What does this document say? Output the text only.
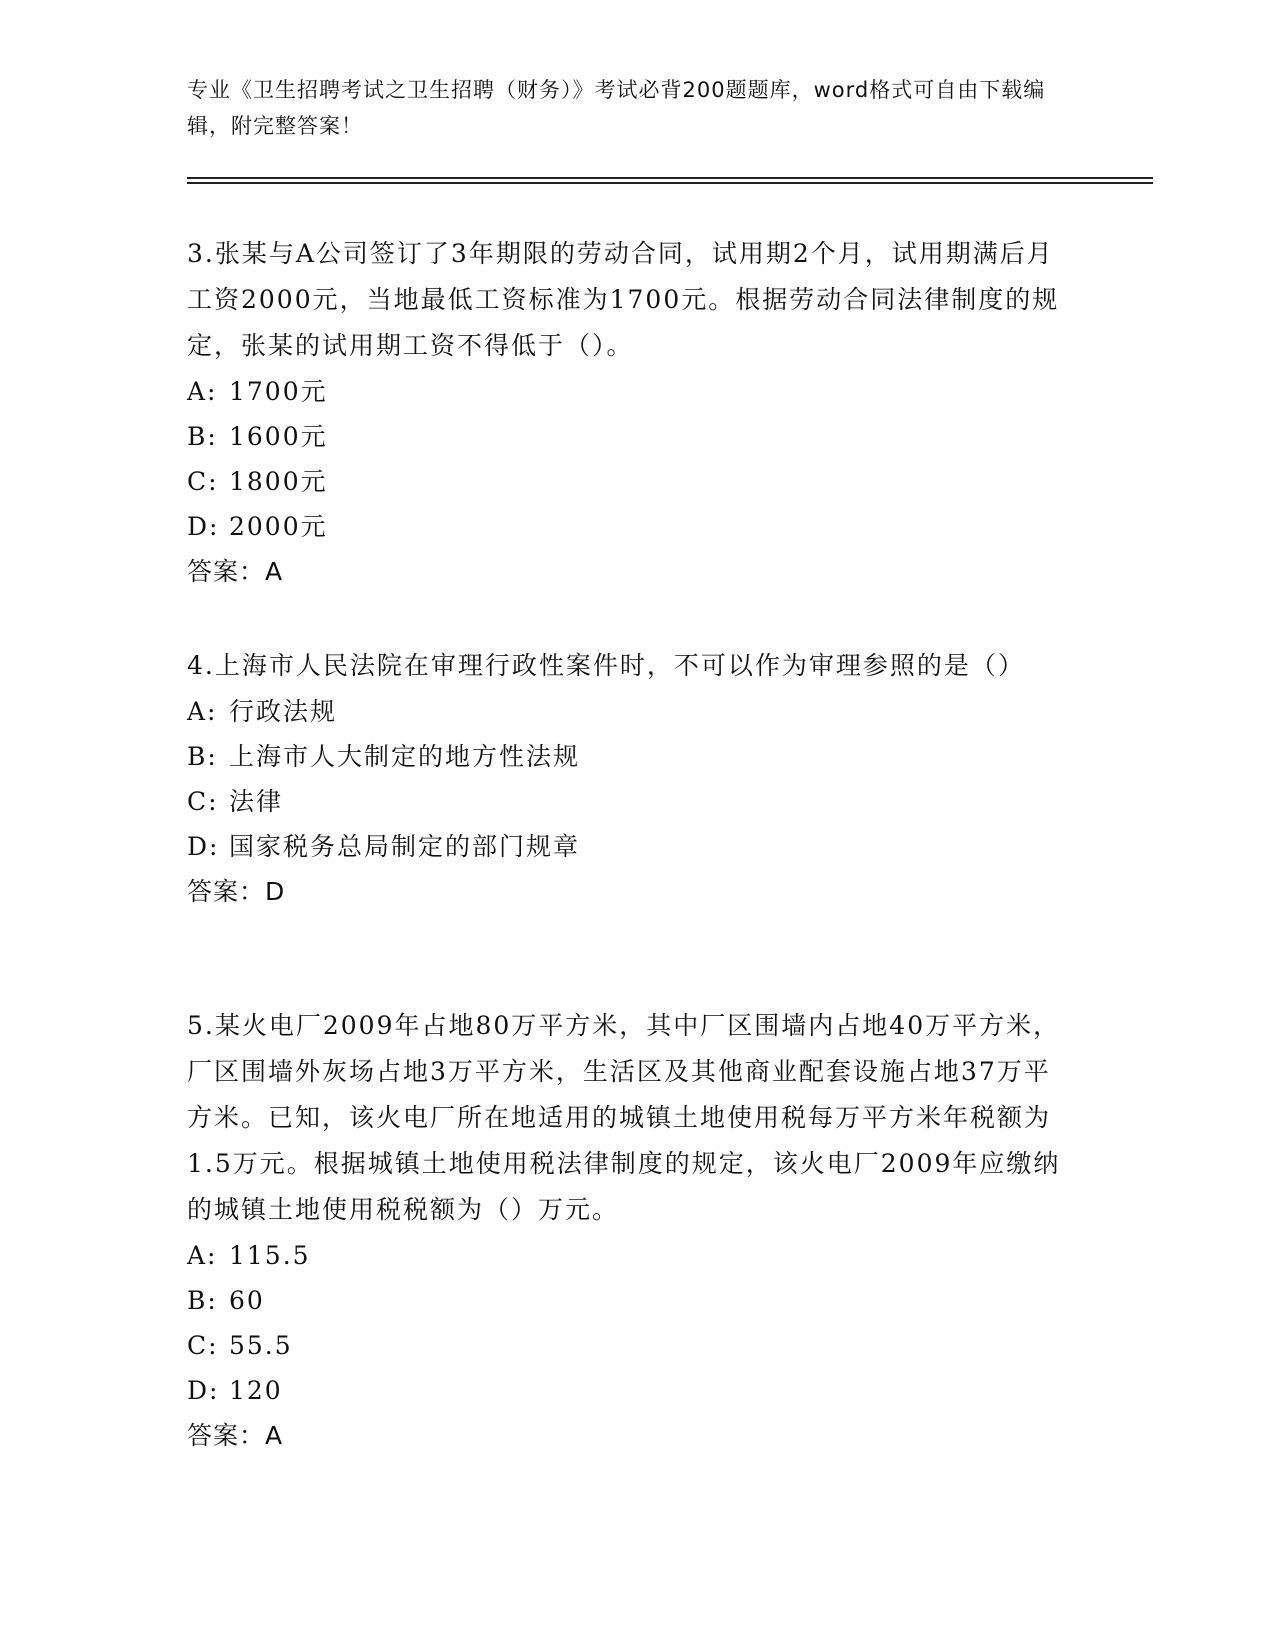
专业《卫生招聘考试之卫生招聘（财务）》考试必背200题题库，word格式可自由下载编辑，附完整答案！
3.张某与A公司签订了3年期限的劳动合同，试用期2个月，试用期满后月工资2000元，当地最低工资标准为1700元。根据劳动合同法律制度的规定，张某的试用期工资不得低于（）。
A: 1700元
B: 1600元
C: 1800元
D: 2000元
答案：A
4.上海市人民法院在审理行政性案件时，不可以作为审理参照的是（）
A: 行政法规
B: 上海市人大制定的地方性法规
C: 法律
D: 国家税务总局制定的部门规章
答案：D
5.某火电厂2009年占地80万平方米，其中厂区围墙内占地40万平方米，厂区围墙外灰场占地3万平方米，生活区及其他商业配套设施占地37万平方米。已知，该火电厂所在地适用的城镇土地使用税每万平方米年税额为1.5万元。根据城镇土地使用税法律制度的规定，该火电厂2009年应缴纳的城镇土地使用税税额为（）万元。
A: 115.5
B: 60
C: 55.5
D: 120
答案：A
